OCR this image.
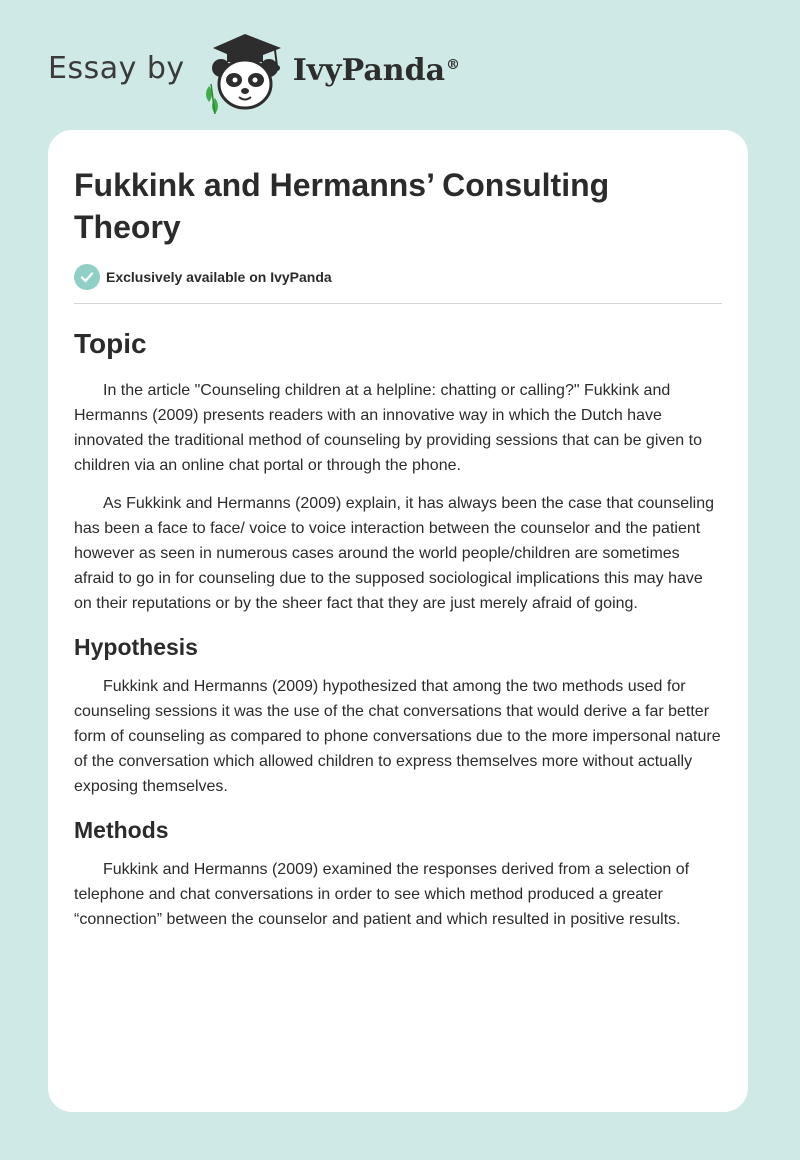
Essay by	IvyPanda®
Fukkink and Hermanns’ Consulting Theory
Exclusively available on IvyPanda
Topic

In the article "Counseling children at a helpline: chatting or calling?" Fukkink and Hermanns (2009) presents readers with an innovative way in which the Dutch have innovated the traditional method of counseling by providing sessions that can be given to children via an online chat portal or through the phone.

As Fukkink and Hermanns (2009) explain, it has always been the case that counseling has been a face to face/ voice to voice interaction between the counselor and the patient however as seen in numerous cases around the world people/children are sometimes afraid to go in for counseling due to the supposed sociological implications this may have on their reputations or by the sheer fact that they are just merely afraid of going.

Hypothesis

Fukkink and Hermanns (2009) hypothesized that among the two methods used for counseling sessions it was the use of the chat conversations that would derive a far better form of counseling as compared to phone conversations due to the more impersonal nature of the conversation which allowed children to express themselves more without actually exposing themselves.

Methods

Fukkink and Hermanns (2009) examined the responses derived from a selection of telephone and chat conversations in order to see which method produced a greater “connection” between the counselor and patient and which resulted in positive results.
